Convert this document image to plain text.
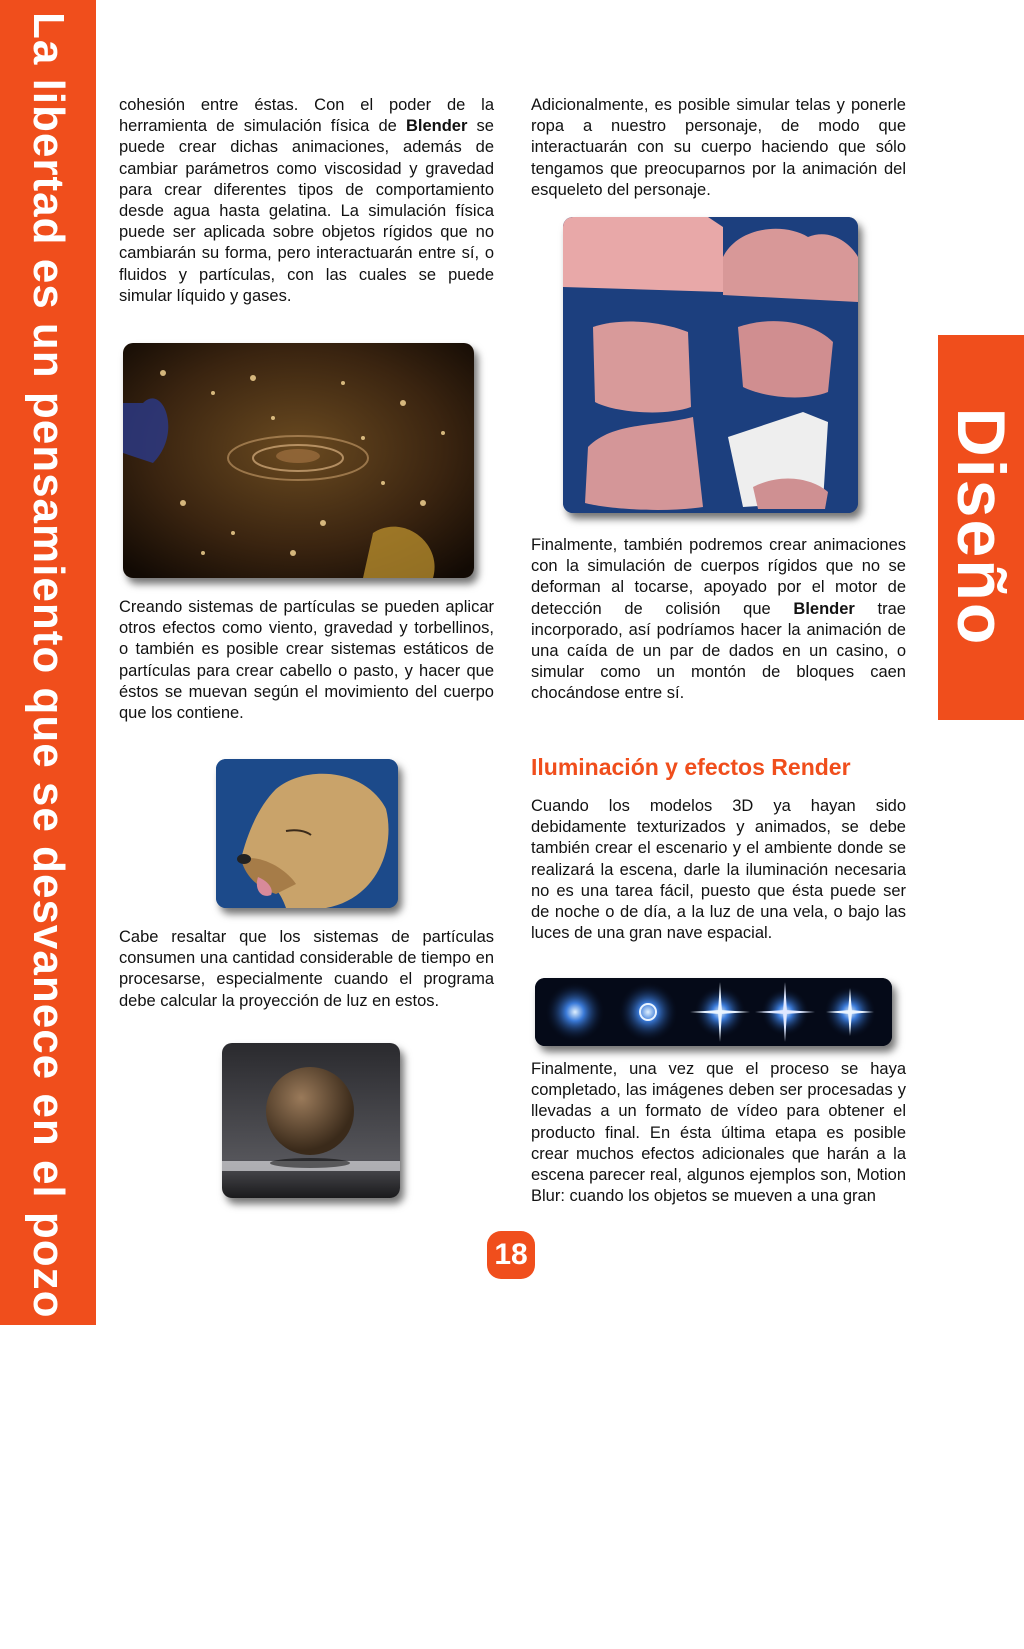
La libertad es un pensamiento que se desvanece en el pozo de la sociedad	Diseño

cohesión entre éstas. Con el poder de la herramienta de simulación física de Blender se puede crear dichas animaciones, además de cambiar parámetros como viscosidad y gravedad para crear diferentes tipos de comportamiento desde agua hasta gelatina. La simulación física puede ser aplicada sobre objetos rígidos que no cambiarán su forma, pero interactuarán entre sí, o fluidos y partículas, con las cuales se puede simular líquido y gases.

Creando sistemas de partículas se pueden aplicar otros efectos como viento, gravedad y torbellinos, o también es posible crear sistemas estáticos de partículas para crear cabello o pasto, y hacer que éstos se muevan según el movimiento del cuerpo que los contiene.

Cabe resaltar que los sistemas de partículas consumen una cantidad considerable de tiempo en procesarse, especialmente cuando el programa debe calcular la proyección de luz en estos.

Adicionalmente, es posible simular telas y ponerle ropa a nuestro personaje, de modo que interactuarán con su cuerpo haciendo que sólo tengamos que preocuparnos por la animación del esqueleto del personaje.

Finalmente, también podremos crear animaciones con la simulación de cuerpos rígidos que no se deforman al tocarse, apoyado por el motor de detección de colisión que Blender trae incorporado, así podríamos hacer la animación de una caída de un par de dados en un casino, o simular como un montón de bloques caen chocándose entre sí.

Iluminación y efectos Render

Cuando los modelos 3D ya hayan sido debidamente texturizados y animados, se debe también crear el escenario y el ambiente donde se realizará la escena, darle la iluminación necesaria no es una tarea fácil, puesto que ésta puede ser de noche o de día, a la luz de una vela, o bajo las luces de una gran nave espacial.

Finalmente, una vez que el proceso se haya completado, las imágenes deben ser procesadas y llevadas a un formato de vídeo para obtener el producto final. En ésta última etapa es posible crear muchos efectos adicionales que harán a la escena parecer real, algunos ejemplos son, Motion Blur: cuando los objetos se mueven a una gran

18
